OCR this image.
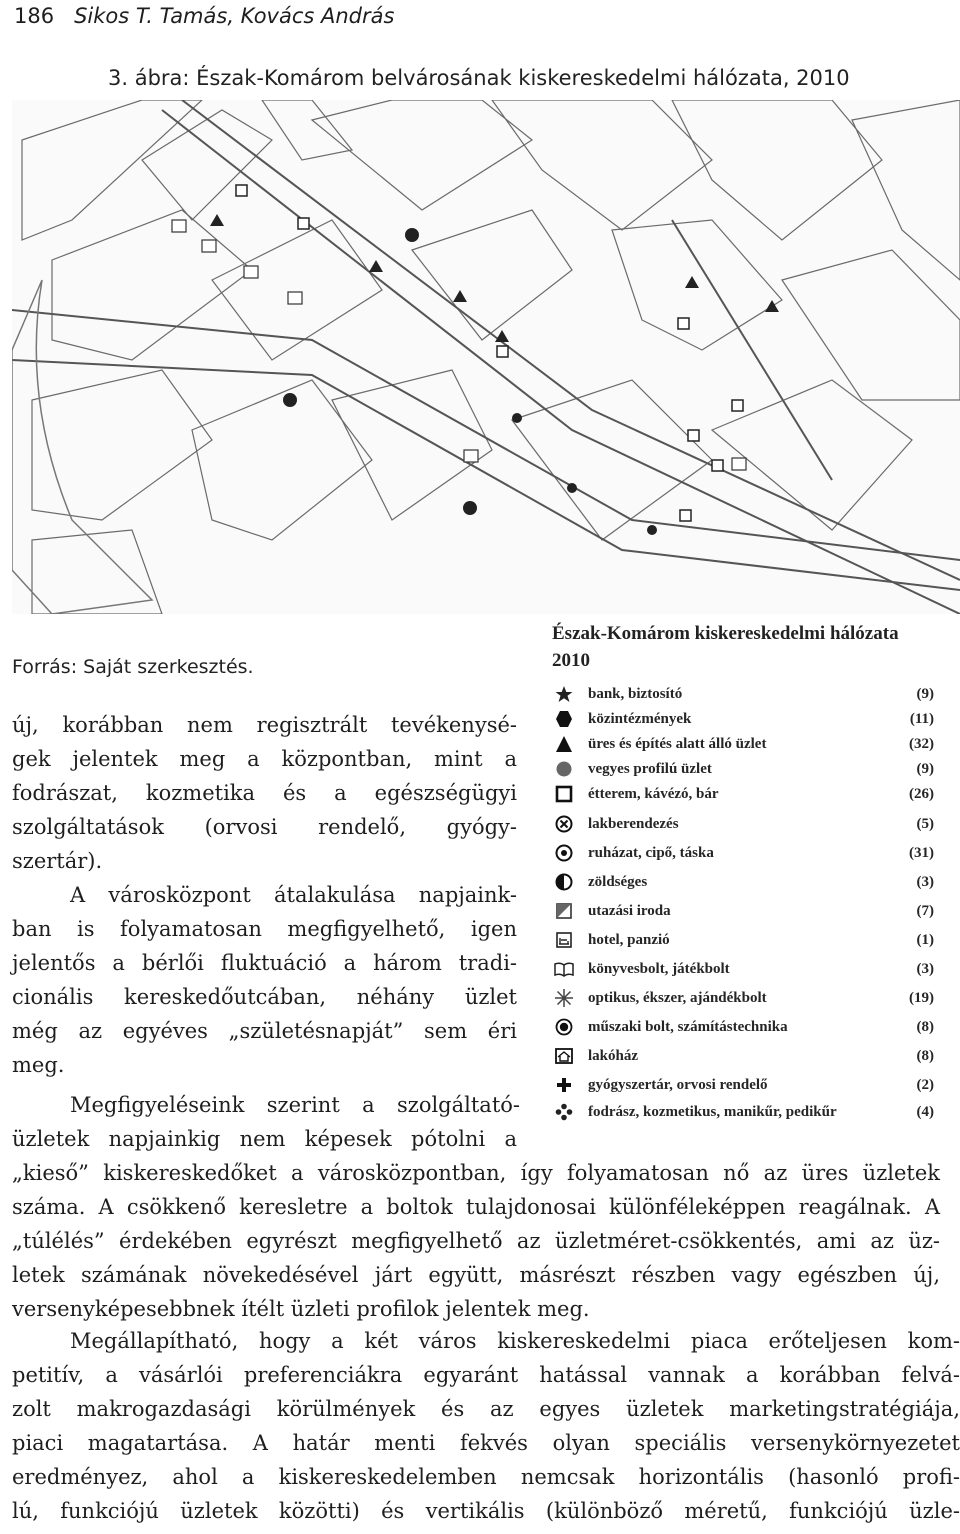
186 Sikos T. Tamás, Kovács András
3. ábra: Észak-Komárom belvárosának kiskereskedelmi hálózata, 2010
Forrás: Saját szerkesztés.
Észak-Komárom kiskereskedelmi hálózata
2010
bank, biztosító	(9)
közintézmények	(11)
üres és építés alatt álló üzlet	(32)
vegyes profilú üzlet	(9)
étterem, kávézó, bár	(26)
lakberendezés	(5)
ruházat, cipő, táska	(31)
zöldséges	(3)
utazási iroda	(7)
hotel, panzió	(1)
könyvesbolt, játékbolt	(3)
optikus, ékszer, ajándékbolt	(19)
műszaki bolt, számítástechnika	(8)
lakóház	(8)
gyógyszertár, orvosi rendelő	(2)
fodrász, kozmetikus, manikűr, pedikűr	(4)
új, korábban nem regisztrált tevékenysé-
gek jelentek meg a központban, mint a
fodrászat, kozmetika és a egészségügyi
szolgáltatások (orvosi rendelő, gyógy-
szertár).
A városközpont átalakulása napjaink-
ban is folyamatosan megfigyelhető, igen
jelentős a bérlői fluktuáció a három tradi-
cionális kereskedőutcában, néhány üzlet
még az egyéves „születésnapját” sem éri
meg.
Megfigyeléseink szerint a szolgáltató-
üzletek napjainkig nem képesek pótolni a
„kieső” kiskereskedőket a városközpontban, így folyamatosan nő az üres üzletek
száma. A csökkenő keresletre a boltok tulajdonosai különféleképpen reagálnak. A
„túlélés” érdekében egyrészt megfigyelhető az üzletméret-csökkentés, ami az üz-
letek számának növekedésével járt együtt, másrészt részben vagy egészben új,
versenyképesebbnek ítélt üzleti profilok jelentek meg.
Megállapítható, hogy a két város kiskereskedelmi piaca erőteljesen kom-
petitív, a vásárlói preferenciákra egyaránt hatással vannak a korábban felvá-
zolt makrogazdasági körülmények és az egyes üzletek marketingstratégiája,
piaci magatartása. A határ menti fekvés olyan speciális versenykörnyezetet
eredményez, ahol a kiskereskedelemben nemcsak horizontális (hasonló profi-
lú, funkciójú üzletek közötti) és vertikális (különböző méretű, funkciójú üzle-
